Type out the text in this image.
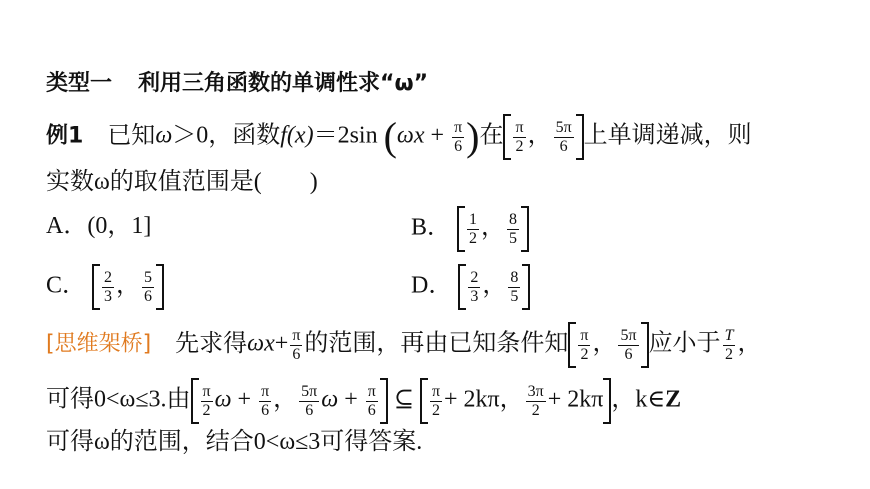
类型一 利用三角函数的单调性求“ω”
例1 已知ω＞0，函数f(x)＝2sin ($\omega x + \frac{\pi}{6}$ )在 $\frac{\pi}{2}$ ， $\frac{5\pi}{6}$ 上单调递减，则
实数ω的取值范围是(　　)
A．(0，1]	B． $\frac{1}{2}$ ， $\frac{8}{5}$
C． $\frac{2}{3}$ ， $\frac{5}{6}$	D． $\frac{2}{3}$ ， $\frac{8}{5}$
[思维架桥] 先求得$\omega x+ \frac{\pi}{6}$ 的范围，再由已知条件知 $\frac{\pi}{2}$ ， $\frac{5\pi}{6}$ 应小于 $\frac{T}{2}$ ，
可得0<ω≤3.由 $\frac{\pi}{2}$ $\omega + \frac{\pi}{6}$ ， $\frac{5\pi}{6}$ $\omega + \frac{\pi}{6}$ ⊆ $\frac{\pi}{2} + 2k\pi$， $\frac{3\pi}{2} + 2k\pi$ ，k∈Z
可得ω的范围，结合0<ω≤3可得答案.
